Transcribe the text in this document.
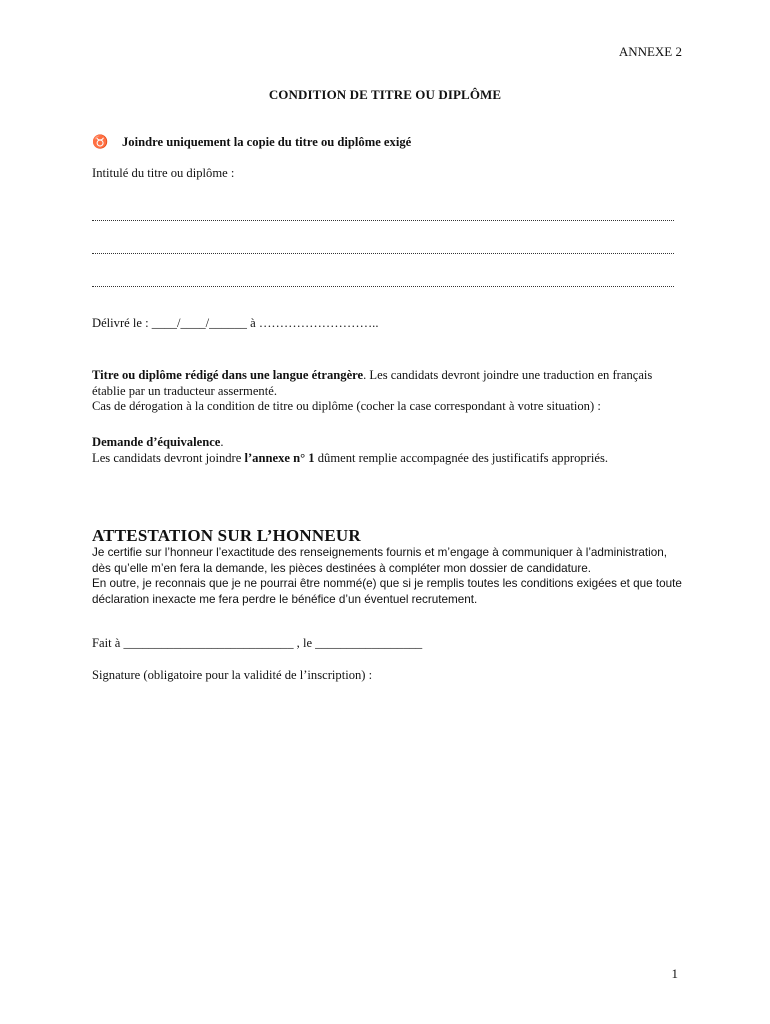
ANNEXE 2
CONDITION DE TITRE OU DIPLÔME
♉ Joindre uniquement la copie du titre ou diplôme exigé
Intitulé du titre ou diplôme :
Délivré le : ____/____/______ à ………………………..
Titre ou diplôme rédigé dans une langue étrangère. Les candidats devront joindre une traduction en français établie par un traducteur assermenté.
Cas de dérogation à la condition de titre ou diplôme (cocher la case correspondant à votre situation) :
Demande d’équivalence.
Les candidats devront joindre l’annexe n° 1 dûment remplie accompagnée des justificatifs appropriés.
ATTESTATION SUR L’HONNEUR
Je certifie sur l’honneur l’exactitude des renseignements fournis et m’engage à communiquer à l’administration, dès qu’elle m’en fera la demande, les pièces destinées à compléter mon dossier de candidature.
En outre, je reconnais que je ne pourrai être nommé(e) que si je remplis toutes les conditions exigées et que toute déclaration inexacte me fera perdre le bénéfice d’un éventuel recrutement.
Fait à ___________________________ , le _________________
Signature (obligatoire pour la validité de l’inscription) :
1
